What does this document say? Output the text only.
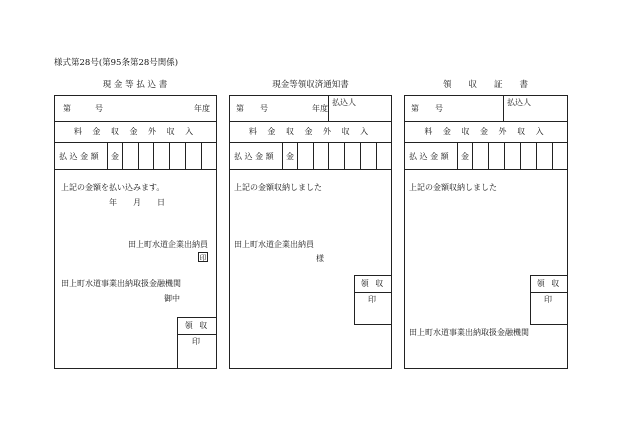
様式第28号(第95条第28号関係)
現 金 等 払 込 書
第　　　号	年度
料 金 収 金 外 収 入
払 込 金 額 金
上記の金額を払い込みます。
年　　月　　日
田上町水道企業出納員
印
田上町水道事業出納取扱金融機関
御中
領 収 印
現金等領収済通知書
第　　号	年度
払込人
料 金 収 金 外 収 入
払 込 金 額 金
上記の金額収納しました
田上町水道企業出納員
様
領 収 印
領　　収　　証　　書
第　　号
払込人
料 金 収 金 外 収 入
払 込 金 額 金
上記の金額収納しました
領 収 印
田上町水道事業出納取扱金融機関
